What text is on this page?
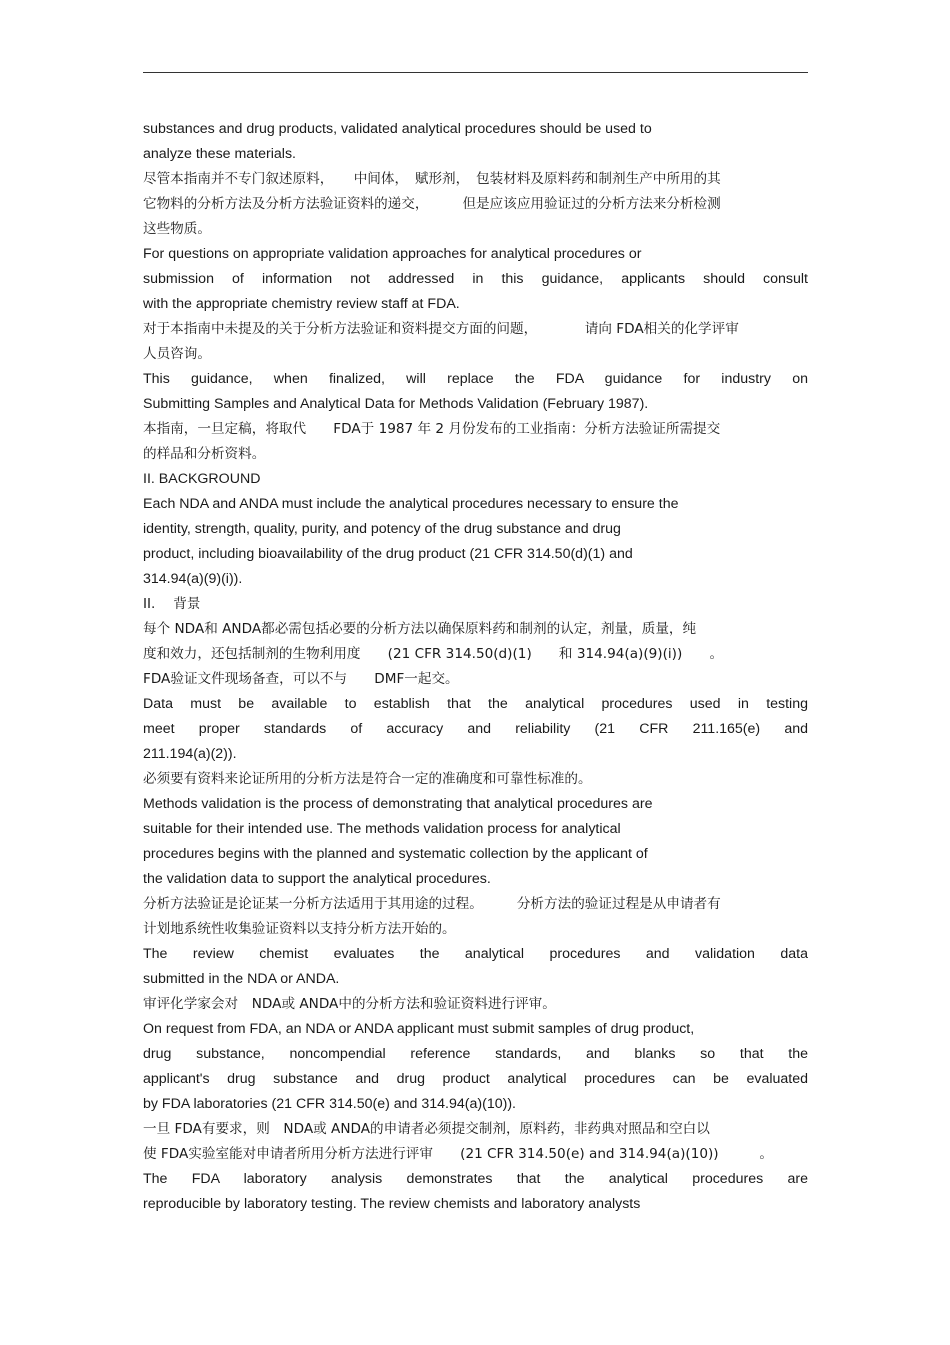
substances and drug products, validated analytical procedures should be used to
analyze these materials.
尽管本指南并不专门叙述原料，　　中间体，　赋形剂，　包装材料及原料药和制剂生产中所用的其
它物料的分析方法及分析方法验证资料的递交，　　　但是应该应用验证过的分析方法来分析检测
这些物质。
For questions on appropriate validation approaches for analytical procedures or
submission of information not addressed in this guidance, applicants should consult
with the appropriate chemistry review staff at FDA.
对于本指南中未提及的关于分析方法验证和资料提交方面的问题，　　　　请向 FDA相关的化学评审
人员咨询。
This guidance, when finalized, will replace the FDA guidance for industry on
Submitting Samples and Analytical Data for Methods Validation (February 1987).
本指南，一旦定稿，将取代　　FDA于 1987 年 2 月份发布的工业指南：分析方法验证所需提交
的样品和分析资料。
II. BACKGROUND
Each NDA and ANDA must include the analytical procedures necessary to ensure the
identity, strength, quality, purity, and potency of the drug substance and drug
product, including bioavailability of the drug product (21 CFR 314.50(d)(1) and
314.94(a)(9)(i)).
II.　 背景
每个 NDA和 ANDA都必需包括必要的分析方法以确保原料药和制剂的认定，剂量，质量，纯
度和效力，还包括制剂的生物利用度　　(21 CFR 314.50(d)(1)　　和 314.94(a)(9)(i))　　。
FDA验证文件现场备查，可以不与　　DMF一起交。
Data must be available to establish that the analytical procedures used in testing
meet proper standards of accuracy and reliability (21 CFR 211.165(e) and
211.194(a)(2)).
必须要有资料来论证所用的分析方法是符合一定的准确度和可靠性标准的。
Methods validation is the process of demonstrating that analytical procedures are
suitable for their intended use. The methods validation process for analytical
procedures begins with the planned and systematic collection by the applicant of
the validation data to support the analytical procedures.
分析方法验证是论证某一分析方法适用于其用途的过程。　　　分析方法的验证过程是从申请者有
计划地系统性收集验证资料以支持分析方法开始的。
The review chemist evaluates the analytical procedures and validation data
submitted in the NDA or ANDA.
审评化学家会对　NDA或 ANDA中的分析方法和验证资料进行评审。
On request from FDA, an NDA or ANDA applicant must submit samples of drug product,
drug substance, noncompendial reference standards, and blanks so that the
applicant's drug substance and drug product analytical procedures can be evaluated
by FDA laboratories (21 CFR 314.50(e) and 314.94(a)(10)).
一旦 FDA有要求，则　NDA或 ANDA的申请者必须提交制剂，原料药，非药典对照品和空白以
使 FDA实验室能对申请者所用分析方法进行评审　　(21 CFR 314.50(e) and 314.94(a)(10))　　　。
The FDA laboratory analysis demonstrates that the analytical procedures are
reproducible by laboratory testing. The review chemists and laboratory analysts
